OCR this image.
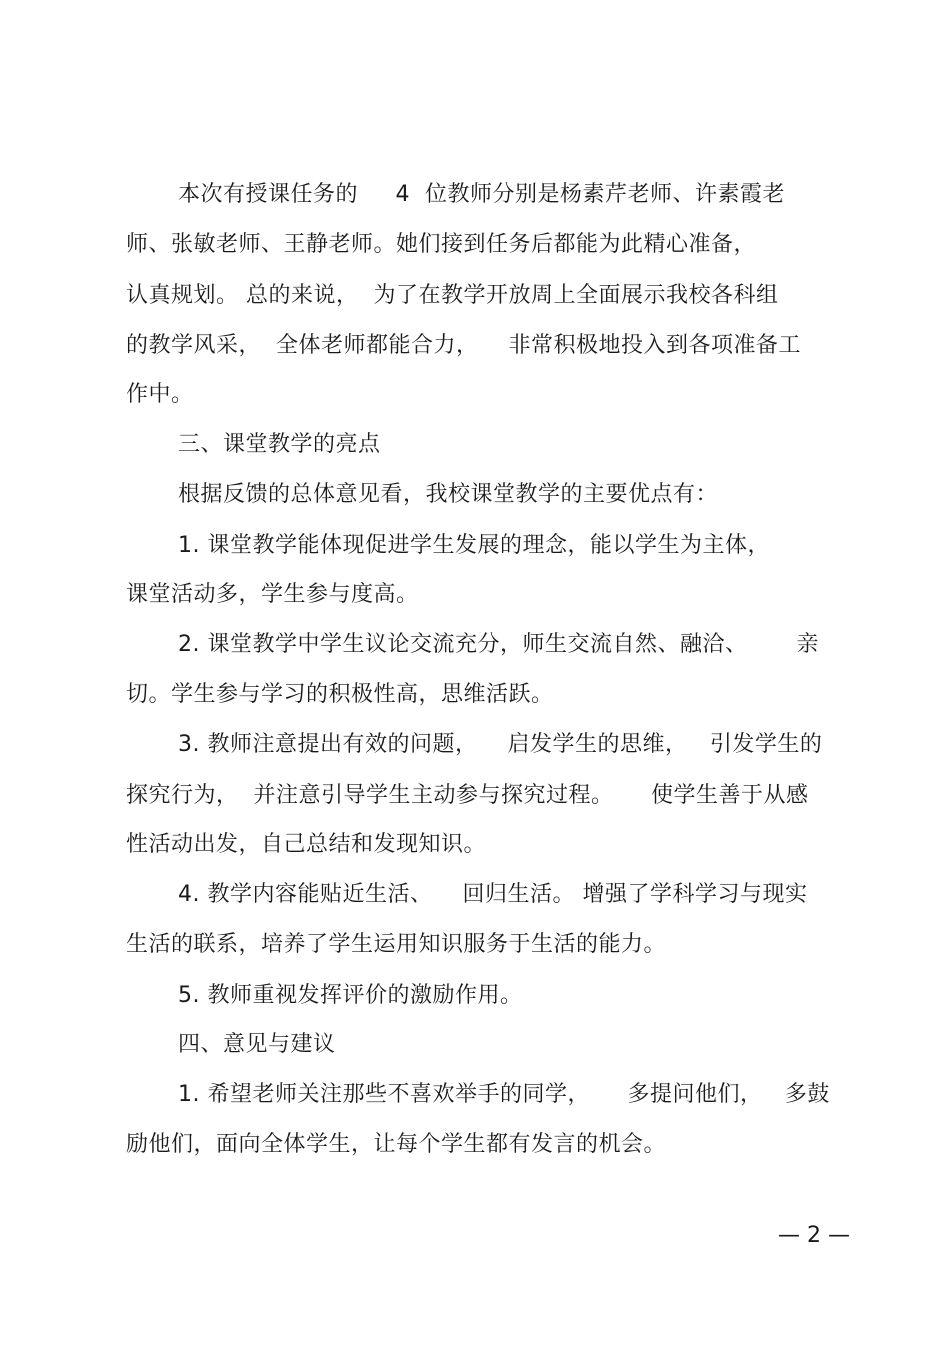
本次有授课任务的　  4  位教师分别是杨素芹老师、许素霞老
师、张敏老师、王静老师。她们接到任务后都能为此精心准备，
认真规划。 总的来说，  为了在教学开放周上全面展示我校各科组
的教学风采，  全体老师都能合力，    非常积极地投入到各项准备工
作中。
三、课堂教学的亮点
根据反馈的总体意见看，我校课堂教学的主要优点有：
1. 课堂教学能体现促进学生发展的理念，能以学生为主体，
课堂活动多，学生参与度高。
2. 课堂教学中学生议论交流充分，师生交流自然、融洽、　　  亲
切。学生参与学习的积极性高，思维活跃。
3. 教师注意提出有效的问题，    启发学生的思维，   引发学生的
探究行为，  并注意引导学生主动参与探究过程。     使学生善于从感
性活动出发，自己总结和发现知识。
4. 教学内容能贴近生活、    回归生活。 增强了学科学习与现实
生活的联系，培养了学生运用知识服务于生活的能力。
5. 教师重视发挥评价的激励作用。
四、意见与建议
1. 希望老师关注那些不喜欢举手的同学，     多提问他们，   多鼓
励他们，面向全体学生，让每个学生都有发言的机会。
— 2 —
